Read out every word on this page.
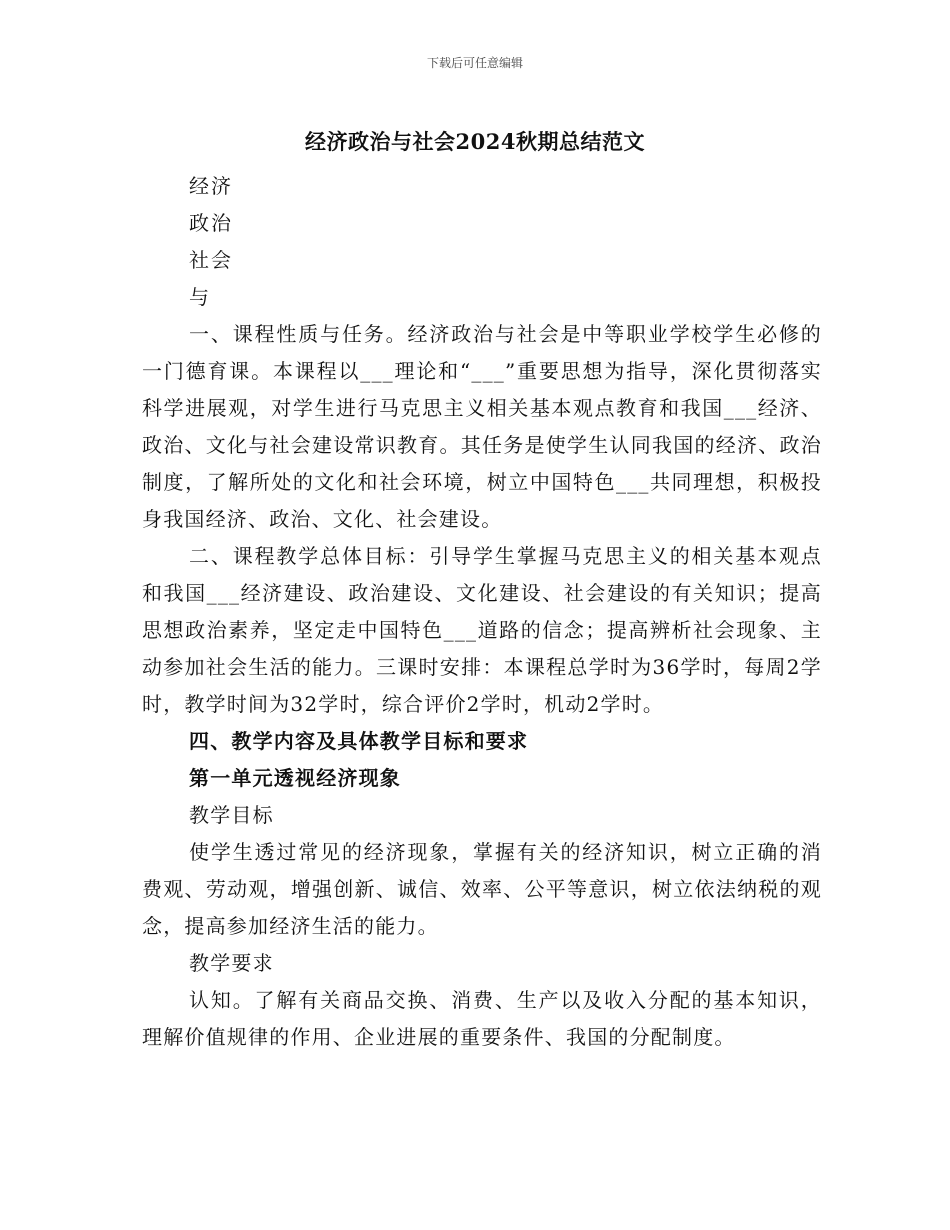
下载后可任意编辑
经济政治与社会2024秋期总结范文

经济

政治

社会

与

一、课程性质与任务。经济政治与社会是中等职业学校学生必修的一门德育课。本课程以___理论和“___”重要思想为指导，深化贯彻落实科学进展观，对学生进行马克思主义相关基本观点教育和我国___经济、政治、文化与社会建设常识教育。其任务是使学生认同我国的经济、政治制度，了解所处的文化和社会环境，树立中国特色___共同理想，积极投身我国经济、政治、文化、社会建设。

二、课程教学总体目标：引导学生掌握马克思主义的相关基本观点和我国___经济建设、政治建设、文化建设、社会建设的有关知识；提高思想政治素养，坚定走中国特色___道路的信念；提高辨析社会现象、主动参加社会生活的能力。三课时安排：本课程总学时为36学时，每周2学时，教学时间为32学时，综合评价2学时，机动2学时。

四、教学内容及具体教学目标和要求

第一单元透视经济现象

教学目标

使学生透过常见的经济现象，掌握有关的经济知识，树立正确的消费观、劳动观，增强创新、诚信、效率、公平等意识，树立依法纳税的观念，提高参加经济生活的能力。

教学要求

认知。了解有关商品交换、消费、生产以及收入分配的基本知识，理解价值规律的作用、企业进展的重要条件、我国的分配制度。
